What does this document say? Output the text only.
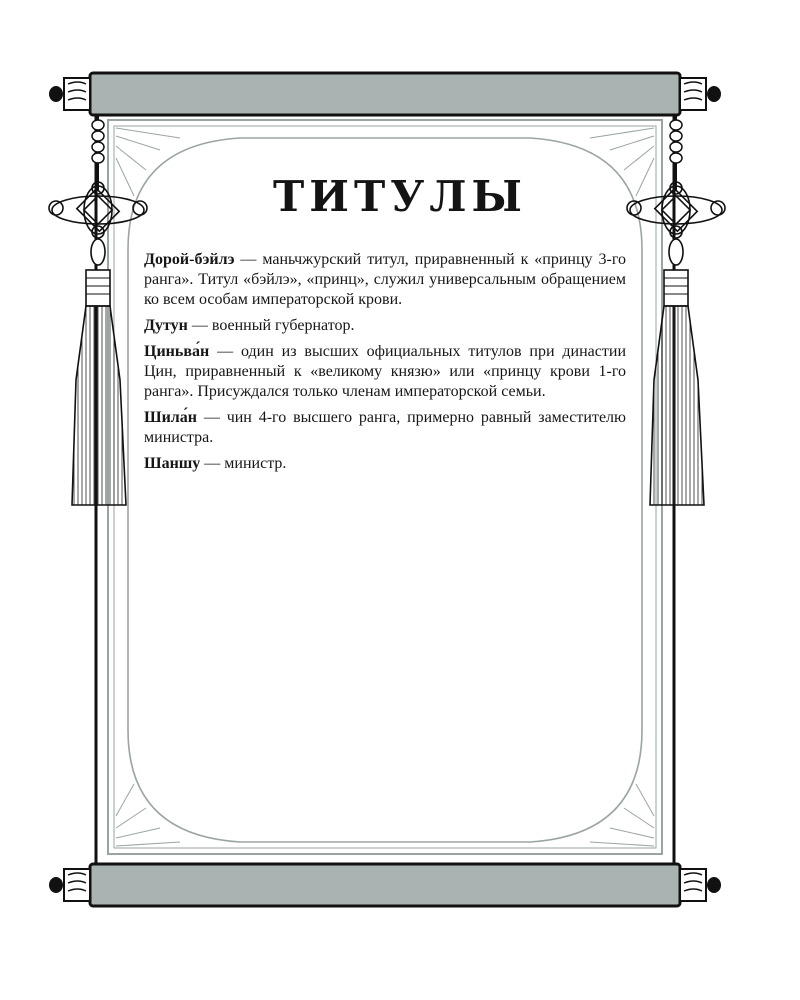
ТИТУЛЫ

Дорой-бэйлэ — маньчжурский титул, приравненный к «принцу 3-го ранга». Титул «бэйлэ», «принц», служил универсальным обращением ко всем особам императорской крови.

Дутун — военный губернатор.

Циньва́н — один из высших официальных титулов при династии Цин, приравненный к «великому князю» или «принцу крови 1-го ранга». Присуждался только членам императорской семьи.

Шила́н — чин 4-го высшего ранга, примерно равный заместителю министра.

Шаншу — министр.
